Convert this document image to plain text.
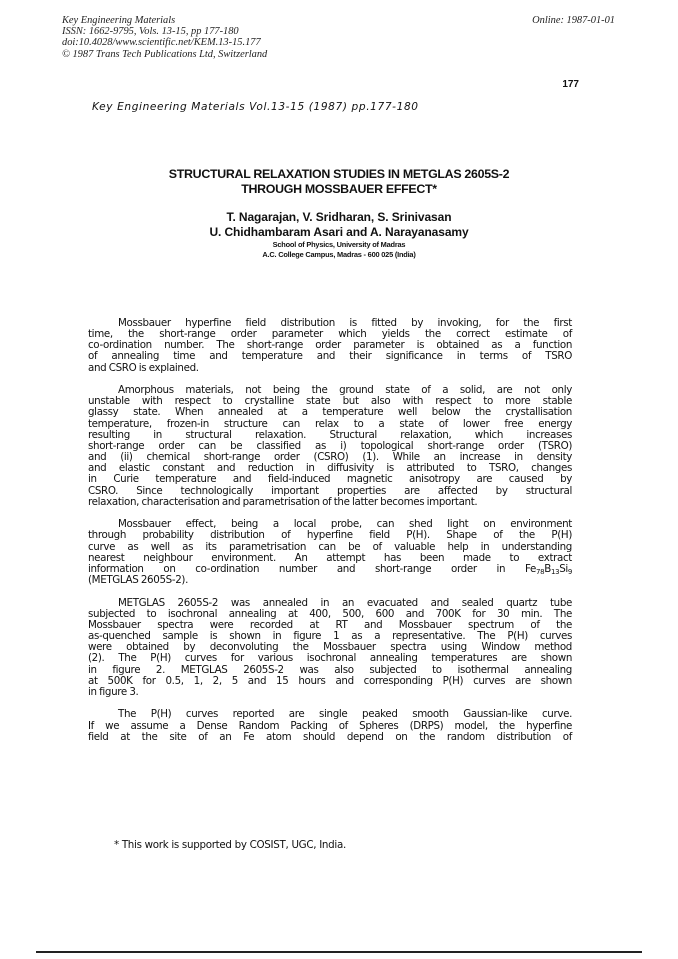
Key Engineering Materials
ISSN: 1662-9795, Vols. 13-15, pp 177-180
doi:10.4028/www.scientific.net/KEM.13-15.177
© 1987 Trans Tech Publications Ltd, Switzerland
Online: 1987-01-01
177
Key Engineering Materials Vol.13-15 (1987) pp.177-180
STRUCTURAL RELAXATION STUDIES IN METGLAS 2605S-2
THROUGH MOSSBAUER EFFECT*
T. Nagarajan, V. Sridharan, S. Srinivasan
U. Chidhambaram Asari and A. Narayanasamy
School of Physics, University of Madras
A.C. College Campus, Madras - 600 025 (India)
Mossbauer hyperfine field distribution is fitted by invoking, for the first
time, the short-range order parameter which yields the correct estimate of
co-ordination number. The short-range order parameter is obtained as a function
of annealing time and temperature and their significance in terms of TSRO
and CSRO is explained.
Amorphous materials, not being the ground state of a solid, are not only
unstable with respect to crystalline state but also with respect to more stable
glassy state. When annealed at a temperature well below the crystallisation
temperature, frozen-in structure can relax to a state of lower free energy
resulting in structural relaxation. Structural relaxation, which increases
short-range order can be classified as i) topological short-range order (TSRO)
and (ii) chemical short-range order (CSRO) (1). While an increase in density
and elastic constant and reduction in diffusivity is attributed to TSRO, changes
in Curie temperature and field-induced magnetic anisotropy are caused by
CSRO. Since technologically important properties are affected by structural
relaxation, characterisation and parametrisation of the latter becomes important.
Mossbauer effect, being a local probe, can shed light on environment
through probability distribution of hyperfine field P(H). Shape of the P(H)
curve as well as its parametrisation can be of valuable help in understanding
nearest neighbour environment. An attempt has been made to extract
information on co-ordination number and short-range order in $Fe_{78}B_{13}Si_9$
(METGLAS 2605S-2).
METGLAS 2605S-2 was annealed in an evacuated and sealed quartz tube
subjected to isochronal annealing at 400, 500, 600 and 700K for 30 min. The
Mossbauer spectra were recorded at RT and Mossbauer spectrum of the
as-quenched sample is shown in figure 1 as a representative. The P(H) curves
were obtained by deconvoluting the Mossbauer spectra using Window method
(2). The P(H) curves for various isochronal annealing temperatures are shown
in figure 2. METGLAS 2605S-2 was also subjected to isothermal annealing
at 500K for 0.5, 1, 2, 5 and 15 hours and corresponding P(H) curves are shown
in figure 3.
The P(H) curves reported are single peaked smooth Gaussian-like curve.
If we assume a Dense Random Packing of Spheres (DRPS) model, the hyperfine
field at the site of an Fe atom should depend on the random distribution of
* This work is supported by COSIST, UGC, India.
